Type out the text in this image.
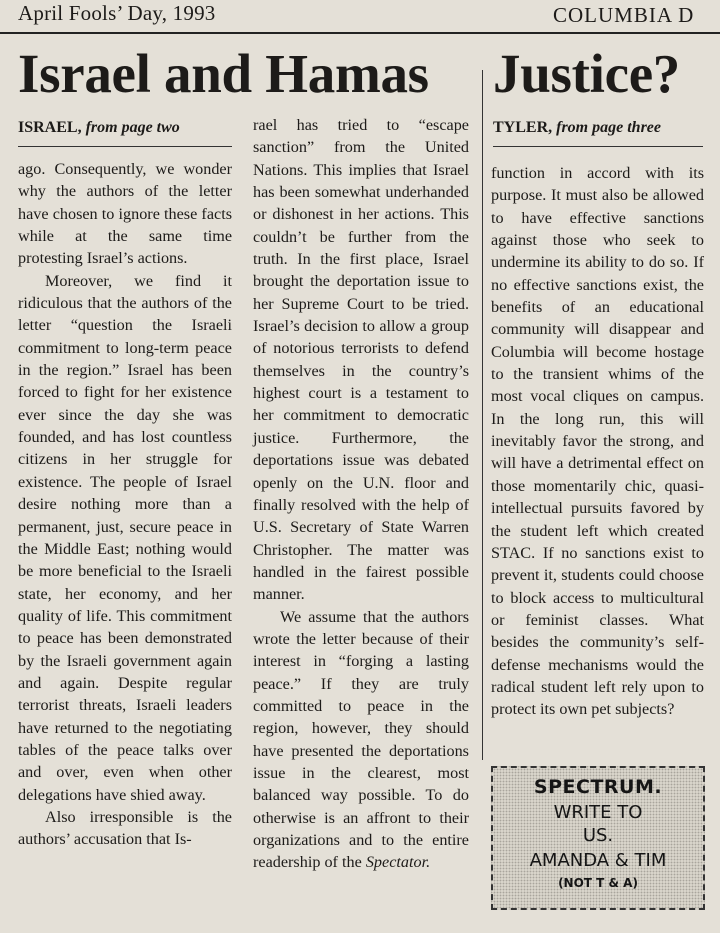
April Fools’ Day, 1993	COLUMBIA D
Israel and Hamas Justice?
ISRAEL, from page two	TYLER, from page three

ago. Consequently, we wonder why the authors of the letter have chosen to ignore these facts while at the same time protesting Israel’s actions.

Moreover, we find it ridiculous that the authors of the letter “question the Israeli commitment to long-term peace in the region.” Israel has been forced to fight for her existence ever since the day she was founded, and has lost countless citizens in her struggle for existence. The people of Israel desire nothing more than a permanent, just, secure peace in the Middle East; nothing would be more beneficial to the Israeli state, her economy, and her quality of life. This commitment to peace has been demonstrated by the Israeli government again and again. Despite regular terrorist threats, Israeli leaders have returned to the negotiating tables of the peace talks over and over, even when other delegations have shied away.

Also irresponsible is the authors’ accusation that Is-

rael has tried to “escape sanction” from the United Nations. This implies that Israel has been somewhat underhanded or dishonest in her actions. This couldn’t be further from the truth. In the first place, Israel brought the deportation issue to her Supreme Court to be tried. Israel’s decision to allow a group of notorious terrorists to defend themselves in the country’s highest court is a testament to her commitment to democratic justice. Furthermore, the deportations issue was debated openly on the U.N. floor and finally resolved with the help of U.S. Secretary of State Warren Christopher. The matter was handled in the fairest possible manner.

We assume that the authors wrote the letter because of their interest in “forging a lasting peace.” If they are truly committed to peace in the region, however, they should have presented the deportations issue in the clearest, most balanced way possible. To do otherwise is an affront to their organizations and to the entire readership of the Spectator.

function in accord with its purpose. It must also be allowed to have effective sanctions against those who seek to undermine its ability to do so. If no effective sanctions exist, the benefits of an educational community will disappear and Columbia will become hostage to the transient whims of the most vocal cliques on campus. In the long run, this will inevitably favor the strong, and will have a detrimental effect on those momentarily chic, quasi-intellectual pursuits favored by the student left which created STAC. If no sanctions exist to prevent it, students could choose to block access to multicultural or feminist classes. What besides the community’s self-defense mechanisms would the radical student left rely upon to protect its own pet subjects?

SPECTRUM.
WRITE TO
US.
AMANDA & TIM
(NOT T & A)
